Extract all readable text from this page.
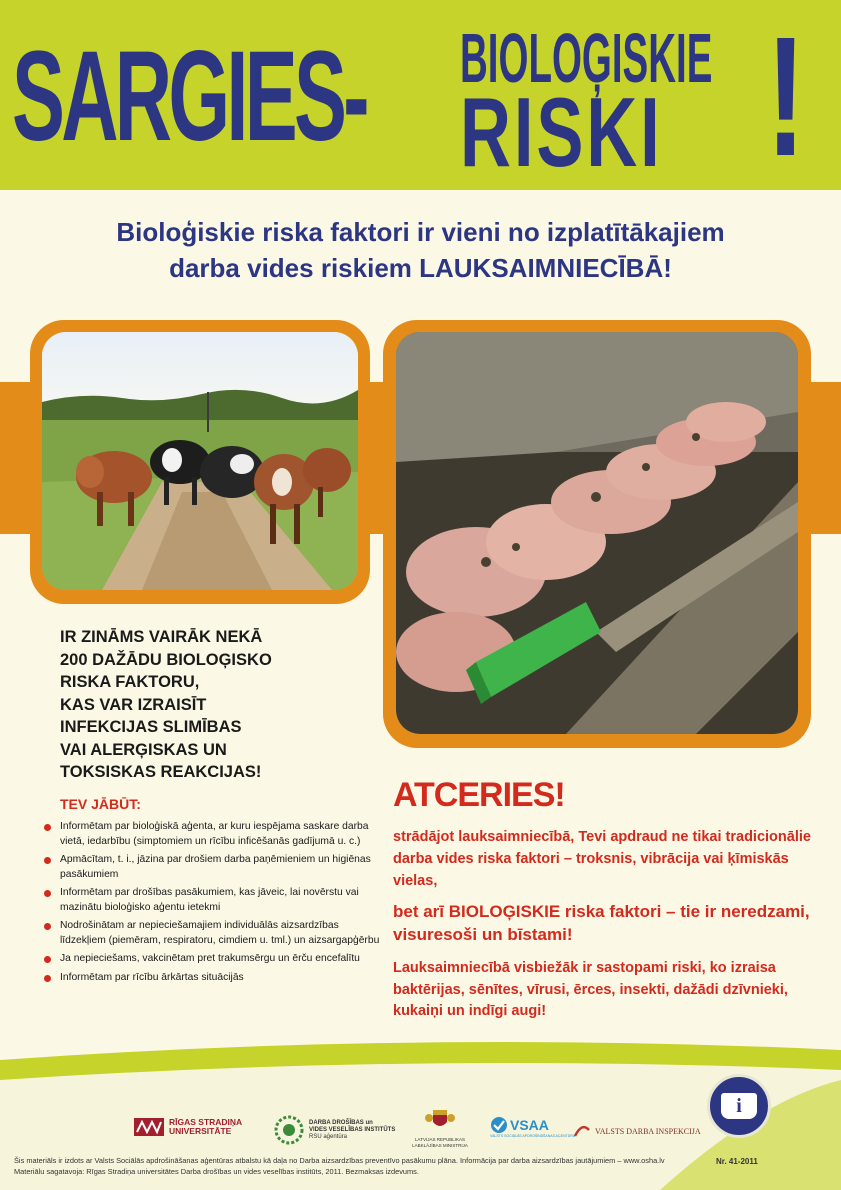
SARGIES- BIOLOĢISKIE
RISKI !
Bioloģiskie riska faktori ir vieni no izplatītākajiem
darba vides riskiem LAUKSAIMNIECĪBĀ!
IR ZINĀMS VAIRĀK NEKĀ
200 DAŽĀDU BIOLOĢISKO
RISKA FAKTORU,
KAS VAR IZRAISĪT
INFEKCIJAS SLIMĪBAS
VAI ALERĢISKAS UN
TOKSISKAS REAKCIJAS!
TEV JĀBŪT:
Informētam par bioloģiskā aģenta, ar kuru iespējama saskare darba vietā, iedarbību (simptomiem un rīcību inficēšanās gadījumā u. c.)
Apmācītam, t. i., jāzina par drošiem darba paņēmieniem un higiēnas pasākumiem
Informētam par drošības pasākumiem, kas jāveic, lai novērstu vai mazinātu bioloģisko aģentu ietekmi
Nodrošinātam ar nepieciešamajiem individuālās aizsardzības līdzekļiem (piemēram, respiratoru, cimdiem u. tml.) un aizsargapģērbu
Ja nepieciešams, vakcinētam pret trakumsērgu un ērču encefalītu
Informētam par rīcību ārkārtas situācijās
ATCERIES!
strādājot lauksaimniecībā, Tevi apdraud ne tikai tradicionālie darba vides riska faktori – troksnis, vibrācija vai ķīmiskās vielas,
bet arī BIOLOĢISKIE riska faktori – tie ir neredzami, visuresoši un bīstami!
Lauksaimniecībā visbiežāk ir sastopami riski, ko izraisa baktērijas, sēnītes, vīrusi, ērces, insekti, dažādi dzīvnieki, kukaiņi un indīgi augi!
i
RĪGAS STRADIŅA
UNIVERSITĀTE
DARBA DROŠĪBAS un
VIDES VESELĪBAS INSTITŪTS
RSU aģentūra	LATVIJAS REPUBLIKAS
LABKLĀJĪBAS MINISTRIJA
VSAA
VALSTS SOCIĀLĀS APDROŠINĀŠANAS AĢENTŪRA
VALSTS DARBA INSPEKCIJA
Šis materiāls ir izdots ar Valsts Sociālās apdrošināšanas aģentūras atbalstu kā daļa no Darba aizsardzības preventīvo pasākumu plāna. Informācija par darba aizsardzības jautājumiem – www.osha.lv
Materiālu sagatavoja: Rīgas Stradiņa universitātes Darba drošības un vides veselības institūts, 2011. Bezmaksas izdevums.
Nr. 41-2011
